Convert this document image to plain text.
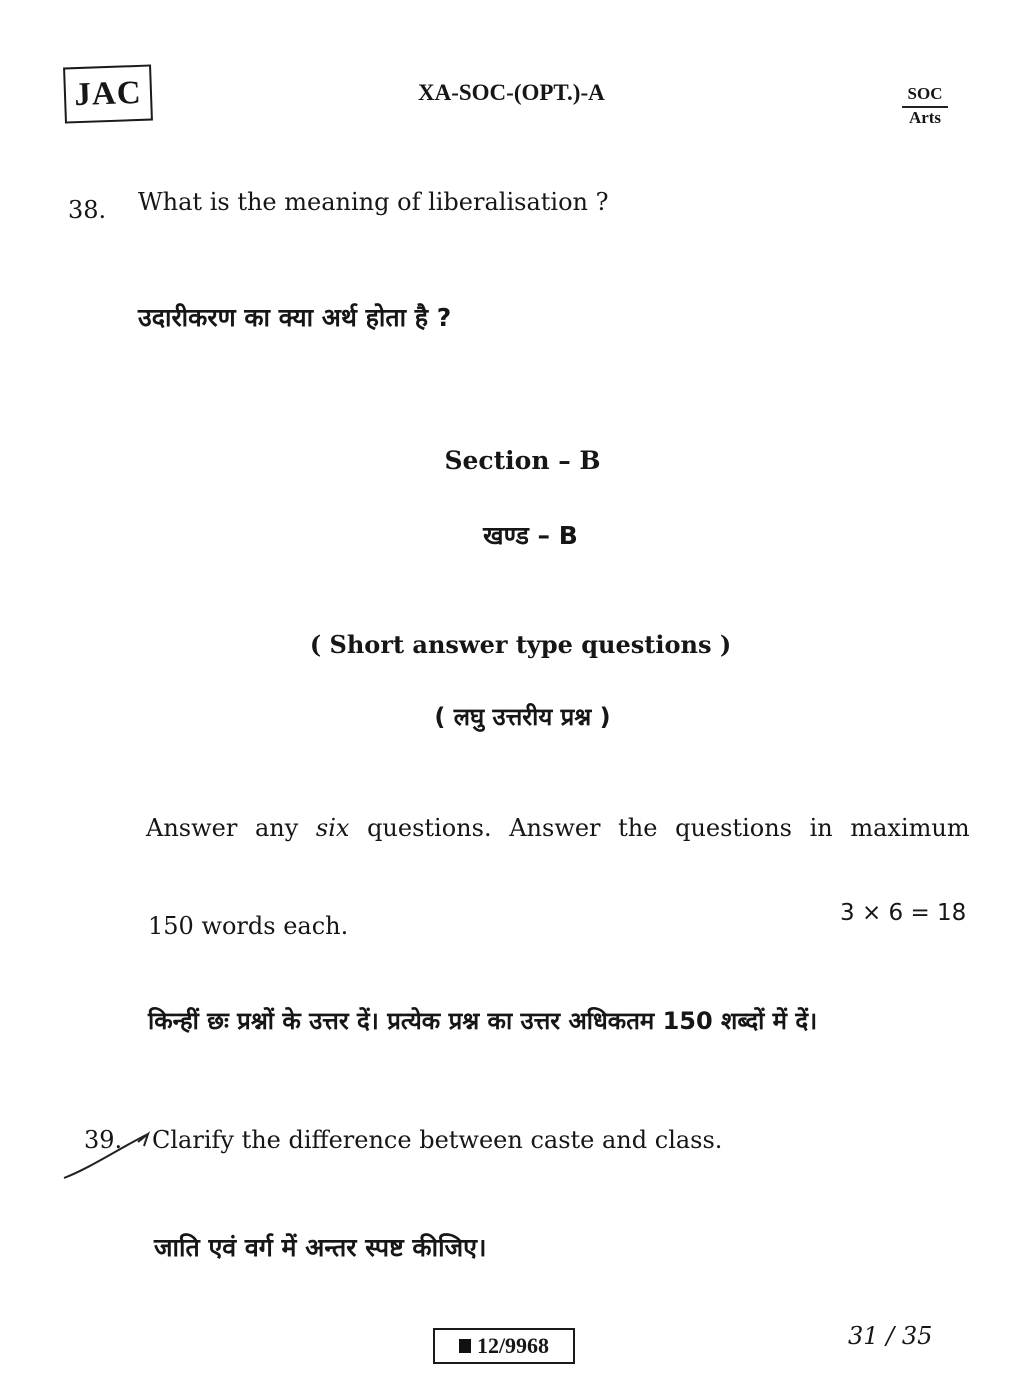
JAC	XA-SOC-(OPT.)-A	SOC
Arts
38. What is the meaning of liberalisation ?
उदारीकरण का क्या अर्थ होता है ?
Section – B
खण्ड – B
( Short answer type questions )
( लघु उत्तरीय प्रश्न )
Answer any six questions. Answer the questions in maximum
150 words each.	3 × 6 = 18
किन्हीं छः प्रश्नों के उत्तर दें। प्रत्येक प्रश्न का उत्तर अधिकतम 150 शब्दों में दें।
39. Clarify the difference between caste and class.
जाति एवं वर्ग में अन्तर स्पष्ट कीजिए।
12/9968	31 / 35
